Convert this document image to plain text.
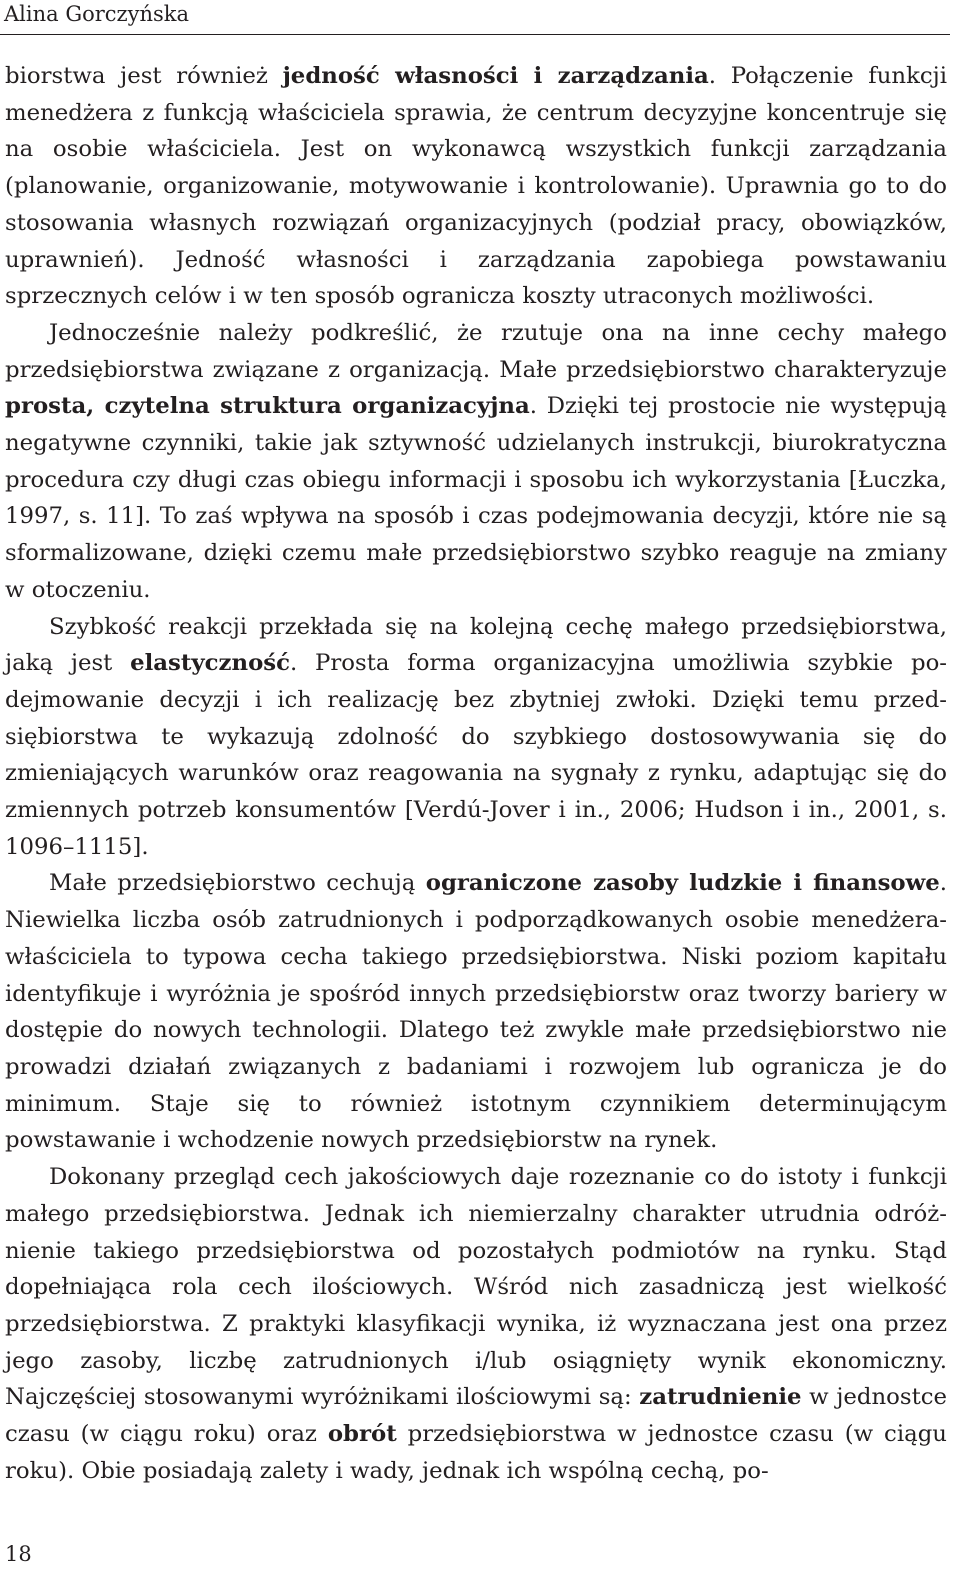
Alina Gorczyńska

biorstwa jest również jedność własności i zarządzania. Połączenie funkcji menedżera z funkcją właściciela sprawia, że centrum decyzyjne koncentruje się na osobie właściciela. Jest on wykonawcą wszystkich funkcji zarządzania (planowanie, organizowanie, motywowanie i kontrolowanie). Uprawnia go to do stosowania własnych rozwiązań organizacyjnych (podział pracy, obowiązków, uprawnień). Jedność własności i zarządzania zapobiega powstawaniu sprzecznych celów i w ten sposób ogranicza koszty utraconych możliwości.

Jednocześnie należy podkreślić, że rzutuje ona na inne cechy małego przedsiębiorstwa związane z organizacją. Małe przedsiębiorstwo charakteryzuje prosta, czytelna struktura organizacyjna. Dzięki tej prostocie nie występują negatywne czynniki, takie jak sztywność udzielanych instrukcji, biurokratyczna procedura czy długi czas obiegu informacji i sposobu ich wykorzystania [Łuczka, 1997, s. 11]. To zaś wpływa na sposób i czas podejmowania decyzji, które nie są sformalizowane, dzięki czemu małe przedsiębiorstwo szybko reaguje na zmiany w otoczeniu.

Szybkość reakcji przekłada się na kolejną cechę małego przedsiębiorstwa, jaką jest elastyczność. Prosta forma organizacyjna umożliwia szybkie podejmowanie decyzji i ich realizację bez zbytniej zwłoki. Dzięki temu przedsiębiorstwa te wykazują zdolność do szybkiego dostosowywania się do zmieniających warunków oraz reagowania na sygnały z rynku, adaptując się do zmiennych potrzeb konsumentów [Verdú-Jover i in., 2006; Hudson i in., 2001, s. 1096–1115].

Małe przedsiębiorstwo cechują ograniczone zasoby ludzkie i finansowe. Niewielka liczba osób zatrudnionych i podporządkowanych osobie menedżera-właściciela to typowa cecha takiego przedsiębiorstwa. Niski poziom kapitału identyfikuje i wyróżnia je spośród innych przedsiębiorstw oraz tworzy bariery w dostępie do nowych technologii. Dlatego też zwykle małe przedsiębiorstwo nie prowadzi działań związanych z badaniami i rozwojem lub ogranicza je do minimum. Staje się to również istotnym czynnikiem determinującym powstawanie i wchodzenie nowych przedsiębiorstw na rynek.

Dokonany przegląd cech jakościowych daje rozeznanie co do istoty i funkcji małego przedsiębiorstwa. Jednak ich niemierzalny charakter utrudnia odróżnienie takiego przedsiębiorstwa od pozostałych podmiotów na rynku. Stąd dopełniająca rola cech ilościowych. Wśród nich zasadniczą jest wielkość przedsiębiorstwa. Z praktyki klasyfikacji wynika, iż wyznaczana jest ona przez jego zasoby, liczbę zatrudnionych i/lub osiągnięty wynik ekonomiczny. Najczęściej stosowanymi wyróżnikami ilościowymi są: zatrudnienie w jednostce czasu (w ciągu roku) oraz obrót przedsiębiorstwa w jednostce czasu (w ciągu roku). Obie posiadają zalety i wady, jednak ich wspólną cechą, po-

18
